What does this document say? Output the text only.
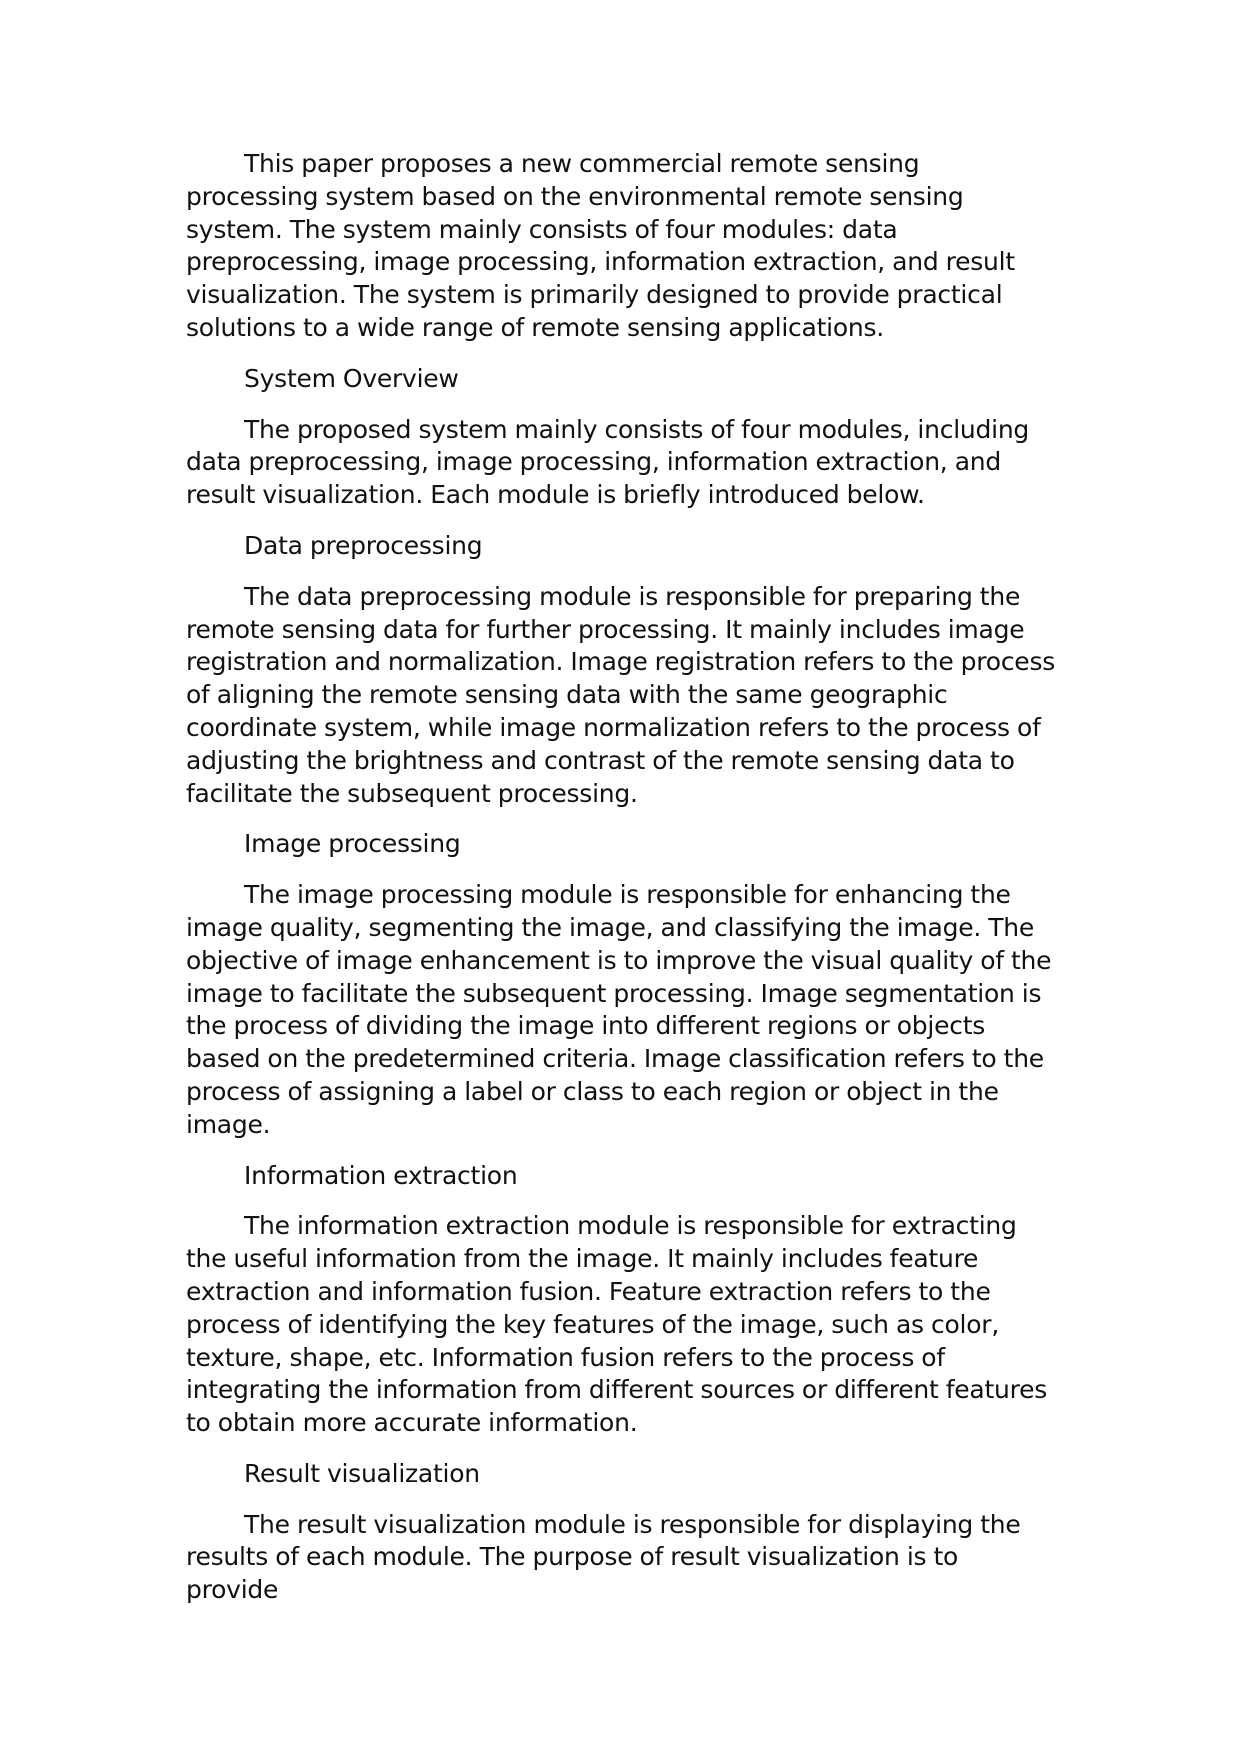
This paper proposes a new commercial remote sensing processing system based on the environmental remote sensing system. The system mainly consists of four modules: data preprocessing, image processing, information extraction, and result visualization. The system is primarily designed to provide practical solutions to a wide range of remote sensing applications.

System Overview

The proposed system mainly consists of four modules, including data preprocessing, image processing, information extraction, and result visualization. Each module is briefly introduced below.

Data preprocessing

The data preprocessing module is responsible for preparing the remote sensing data for further processing. It mainly includes image registration and normalization. Image registration refers to the process of aligning the remote sensing data with the same geographic coordinate system, while image normalization refers to the process of adjusting the brightness and contrast of the remote sensing data to facilitate the subsequent processing.

Image processing

The image processing module is responsible for enhancing the image quality, segmenting the image, and classifying the image. The objective of image enhancement is to improve the visual quality of the image to facilitate the subsequent processing. Image segmentation is the process of dividing the image into different regions or objects based on the predetermined criteria. Image classification refers to the process of assigning a label or class to each region or object in the image.

Information extraction

The information extraction module is responsible for extracting the useful information from the image. It mainly includes feature extraction and information fusion. Feature extraction refers to the process of identifying the key features of the image, such as color, texture, shape, etc. Information fusion refers to the process of integrating the information from different sources or different features to obtain more accurate information.

Result visualization

The result visualization module is responsible for displaying the results of each module. The purpose of result visualization is to provide
